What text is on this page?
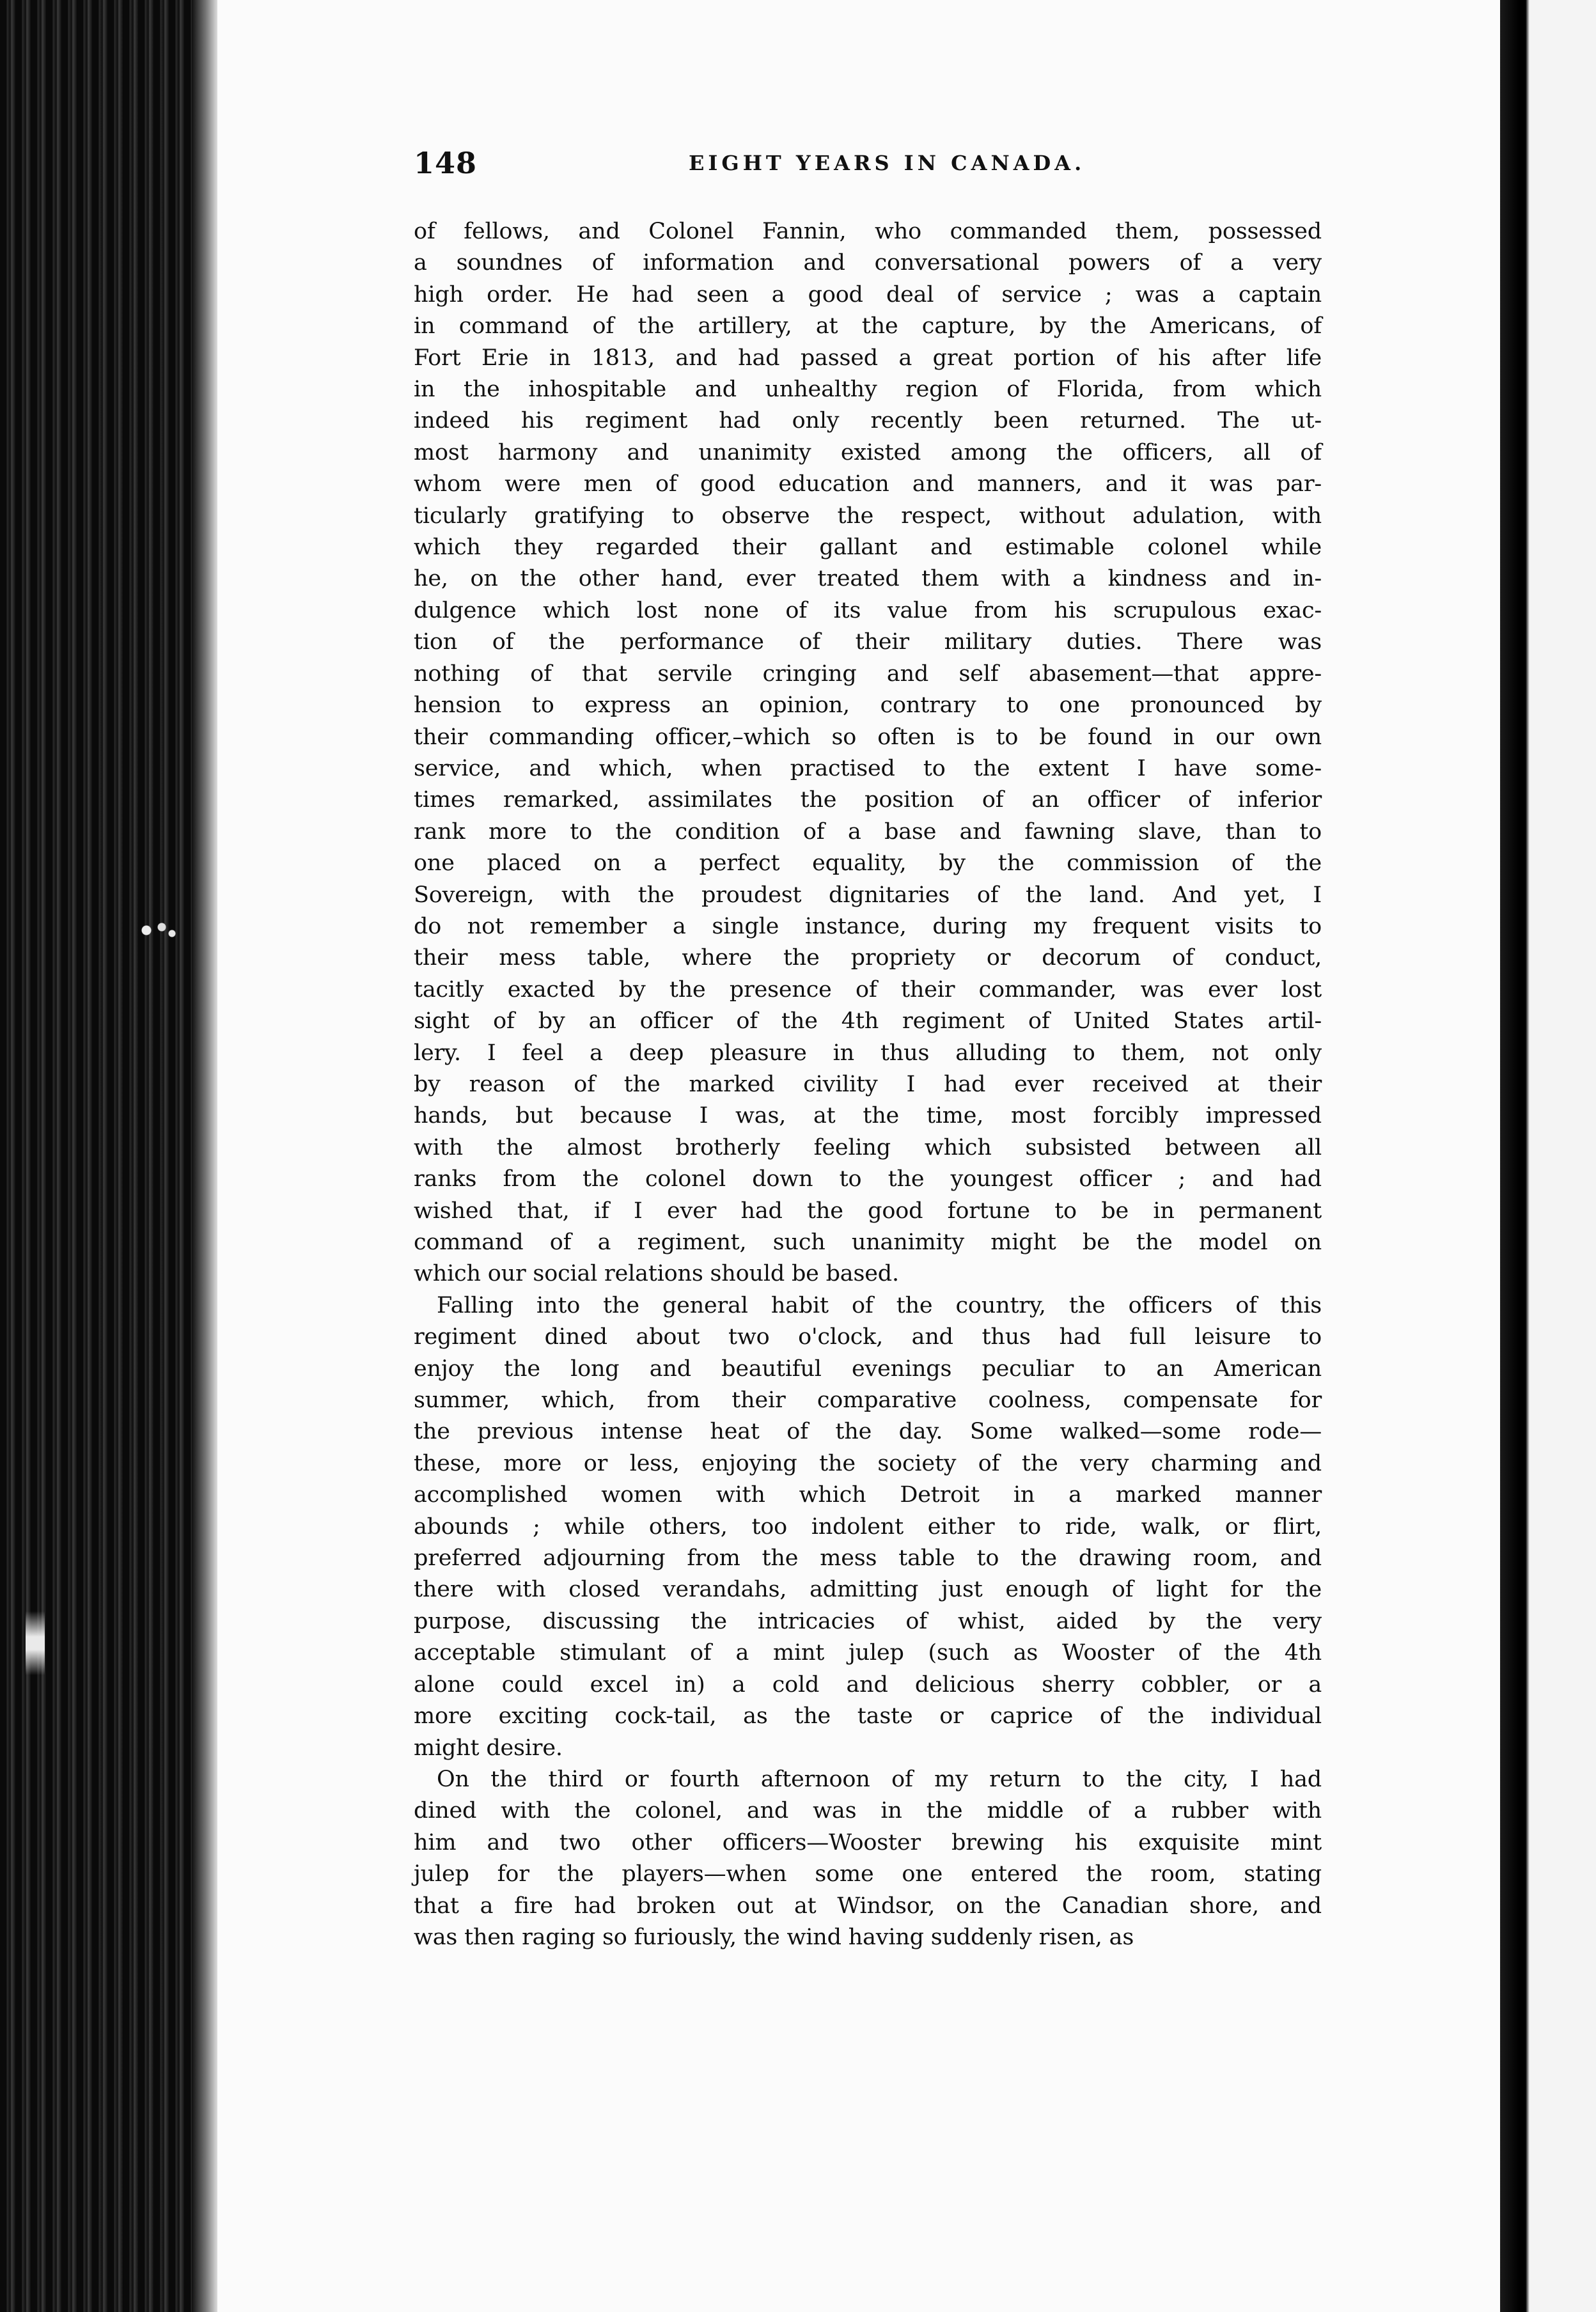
148	EIGHT YEARS IN CANADA.
of fellows, and Colonel Fannin, who commanded them, possessed
a soundnes of information and conversational powers of a very
high order. He had seen a good deal of service ; was a captain
in command of the artillery, at the capture, by the Americans, of
Fort Erie in 1813, and had passed a great portion of his after life
in the inhospitable and unhealthy region of Florida, from which
indeed his regiment had only recently been returned. The ut-
most harmony and unanimity existed among the officers, all of
whom were men of good education and manners, and it was par-
ticularly gratifying to observe the respect, without adulation, with
which they regarded their gallant and estimable colonel while
he, on the other hand, ever treated them with a kindness and in-
dulgence which lost none of its value from his scrupulous exac-
tion of the performance of their military duties. There was
nothing of that servile cringing and self abasement—that appre-
hension to express an opinion, contrary to one pronounced by
their commanding officer,–which so often is to be found in our own
service, and which, when practised to the extent I have some-
times remarked, assimilates the position of an officer of inferior
rank more to the condition of a base and fawning slave, than to
one placed on a perfect equality, by the commission of the
Sovereign, with the proudest dignitaries of the land. And yet, I
do not remember a single instance, during my frequent visits to
their mess table, where the propriety or decorum of conduct,
tacitly exacted by the presence of their commander, was ever lost
sight of by an officer of the 4th regiment of United States artil-
lery. I feel a deep pleasure in thus alluding to them, not only
by reason of the marked civility I had ever received at their
hands, but because I was, at the time, most forcibly impressed
with the almost brotherly feeling which subsisted between all
ranks from the colonel down to the youngest officer ; and had
wished that, if I ever had the good fortune to be in permanent
command of a regiment, such unanimity might be the model on
which our social relations should be based.
Falling into the general habit of the country, the officers of this
regiment dined about two o'clock, and thus had full leisure to
enjoy the long and beautiful evenings peculiar to an American
summer, which, from their comparative coolness, compensate for
the previous intense heat of the day. Some walked—some rode—
these, more or less, enjoying the society of the very charming and
accomplished women with which Detroit in a marked manner
abounds ; while others, too indolent either to ride, walk, or flirt,
preferred adjourning from the mess table to the drawing room, and
there with closed verandahs, admitting just enough of light for the
purpose, discussing the intricacies of whist, aided by the very
acceptable stimulant of a mint julep (such as Wooster of the 4th
alone could excel in) a cold and delicious sherry cobbler, or a
more exciting cock-tail, as the taste or caprice of the individual
might desire.
On the third or fourth afternoon of my return to the city, I had
dined with the colonel, and was in the middle of a rubber with
him and two other officers—Wooster brewing his exquisite mint
julep for the players—when some one entered the room, stating
that a fire had broken out at Windsor, on the Canadian shore, and
was then raging so furiously, the wind having suddenly risen, as
